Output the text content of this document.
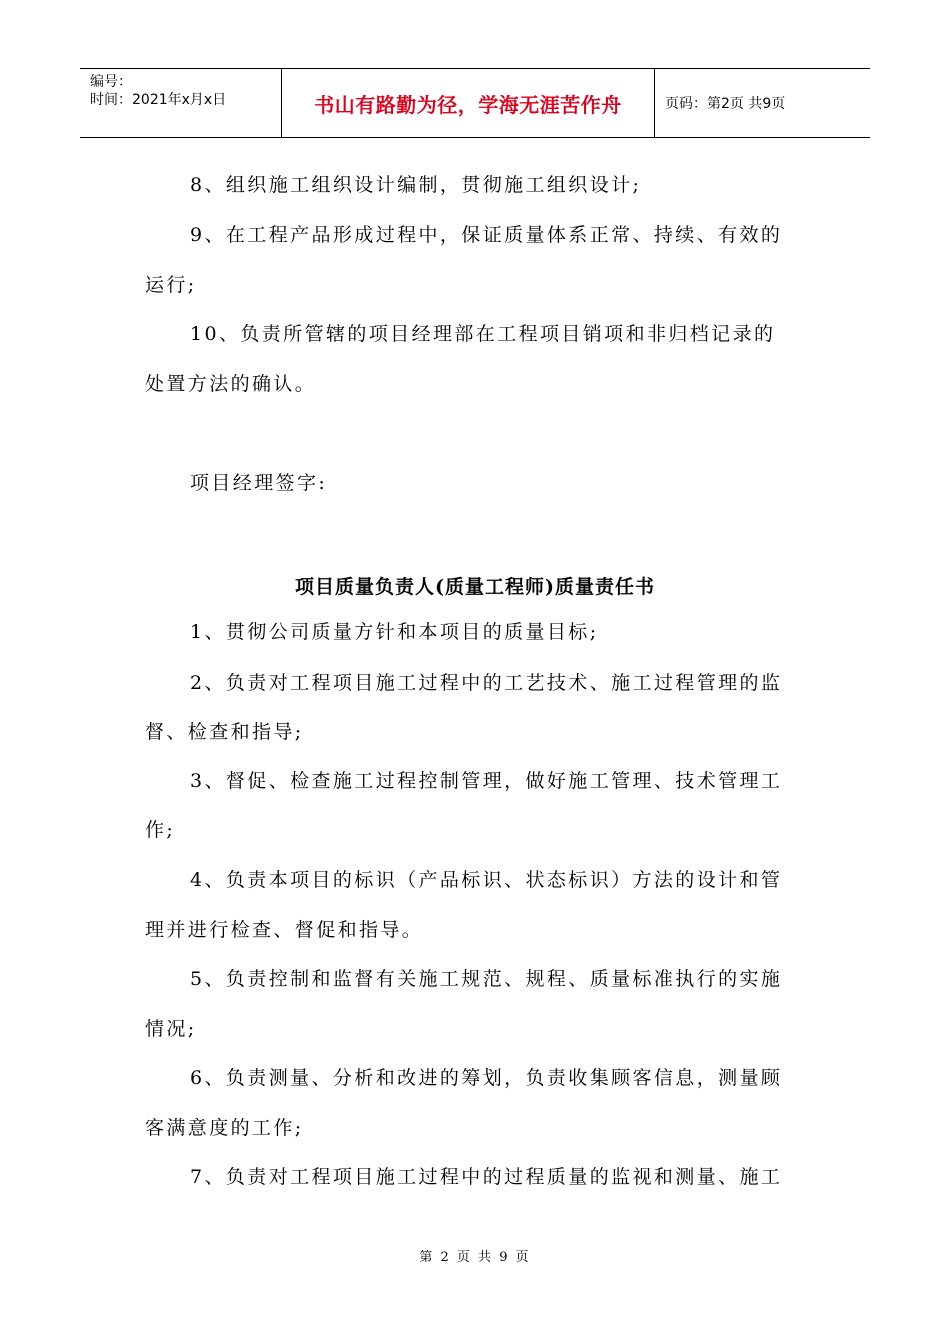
编号：
时间：2021年x月x日	书山有路勤为径，学海无涯苦作舟	页码：第2页 共9页
8、组织施工组织设计编制，贯彻施工组织设计;
9、在工程产品形成过程中，保证质量体系正常、持续、有效的
运行;
10、负责所管辖的项目经理部在工程项目销项和非归档记录的
处置方法的确认。
项目经理签字:
项目质量负责人(质量工程师)质量责任书
1、贯彻公司质量方针和本项目的质量目标;
2、负责对工程项目施工过程中的工艺技术、施工过程管理的监
督、检查和指导;
3、督促、检查施工过程控制管理，做好施工管理、技术管理工
作;
4、负责本项目的标识（产品标识、状态标识）方法的设计和管
理并进行检查、督促和指导。
5、负责控制和监督有关施工规范、规程、质量标准执行的实施
情况;
6、负责测量、分析和改进的筹划，负责收集顾客信息，测量顾
客满意度的工作;
7、负责对工程项目施工过程中的过程质量的监视和测量、施工
第 2 页 共 9 页
